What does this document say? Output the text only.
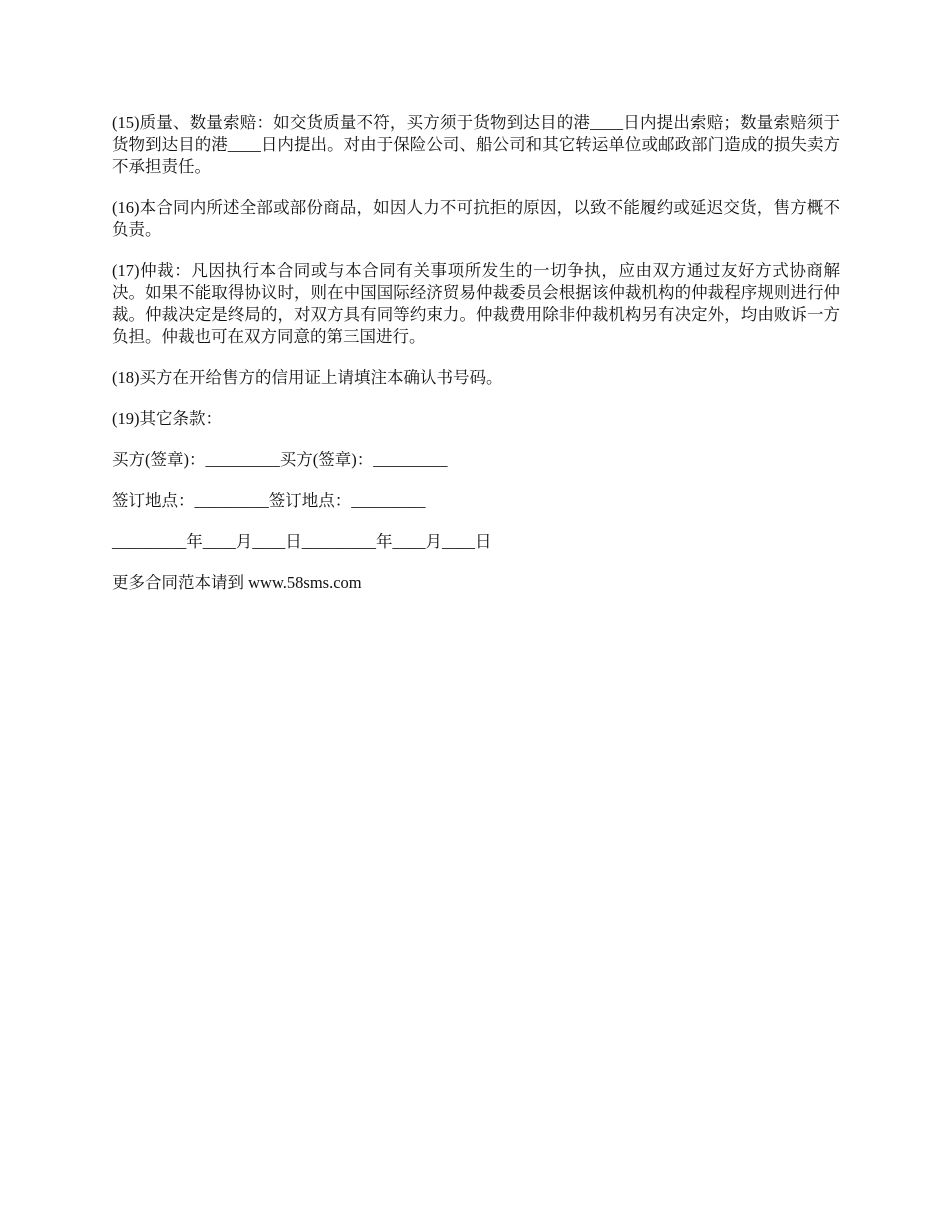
(15)质量、数量索赔：如交货质量不符，买方须于货物到达目的港____日内提出索赔；数量索赔须于货物到达目的港____日内提出。对由于保险公司、船公司和其它转运单位或邮政部门造成的损失卖方不承担责任。

(16)本合同内所述全部或部份商品，如因人力不可抗拒的原因，以致不能履约或延迟交货，售方概不负责。

(17)仲裁：凡因执行本合同或与本合同有关事项所发生的一切争执，应由双方通过友好方式协商解决。如果不能取得协议时，则在中国国际经济贸易仲裁委员会根据该仲裁机构的仲裁程序规则进行仲裁。仲裁决定是终局的，对双方具有同等约束力。仲裁费用除非仲裁机构另有决定外，均由败诉一方负担。仲裁也可在双方同意的第三国进行。

(18)买方在开给售方的信用证上请填注本确认书号码。

(19)其它条款：

买方(签章)：_________买方(签章)：_________

签订地点：_________签订地点：_________

_________年____月____日_________年____月____日

更多合同范本请到 www.58sms.com
